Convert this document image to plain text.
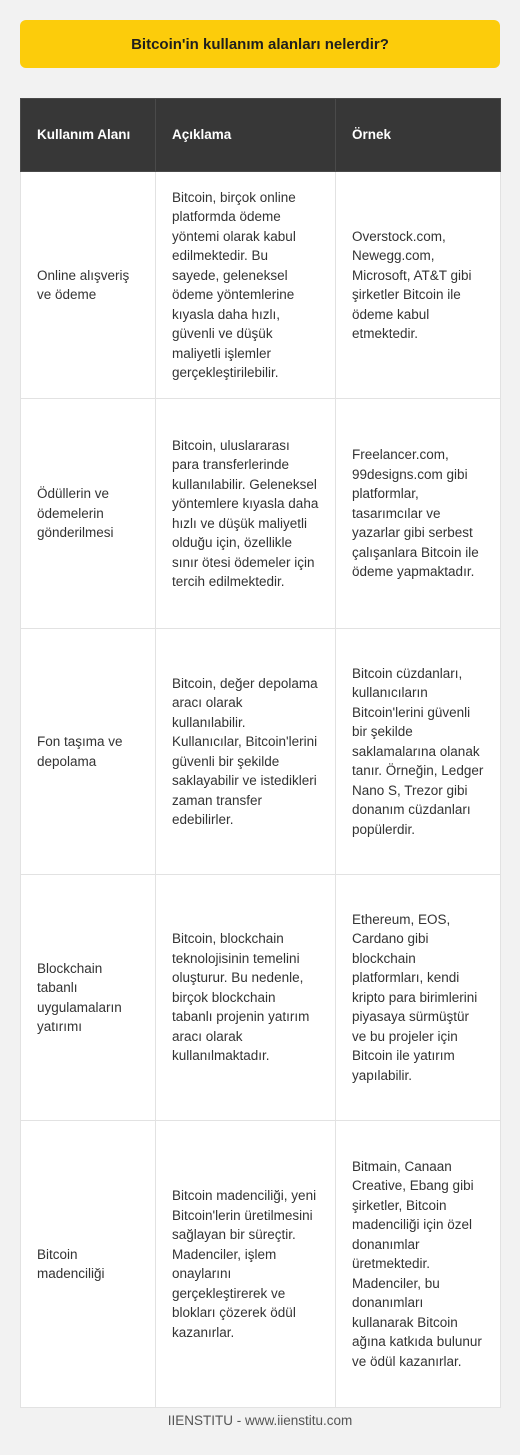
Bitcoin'in kullanım alanları nelerdir?
Kullanım Alanı	Açıklama	Örnek
Online alışveriş ve ödeme	Bitcoin, birçok online platformda ödeme yöntemi olarak kabul edilmektedir. Bu sayede, geleneksel ödeme yöntemlerine kıyasla daha hızlı, güvenli ve düşük maliyetli işlemler gerçekleştirilebilir.	Overstock.com, Newegg.com, Microsoft, AT&T gibi şirketler Bitcoin ile ödeme kabul etmektedir.
Ödüllerin ve ödemelerin gönderilmesi	Bitcoin, uluslararası para transferlerinde kullanılabilir. Geleneksel yöntemlere kıyasla daha hızlı ve düşük maliyetli olduğu için, özellikle sınır ötesi ödemeler için tercih edilmektedir.	Freelancer.com, 99designs.com gibi platformlar, tasarımcılar ve yazarlar gibi serbest çalışanlara Bitcoin ile ödeme yapmaktadır.
Fon taşıma ve depolama	Bitcoin, değer depolama aracı olarak kullanılabilir. Kullanıcılar, Bitcoin'lerini güvenli bir şekilde saklayabilir ve istedikleri zaman transfer edebilirler.	Bitcoin cüzdanları, kullanıcıların Bitcoin'lerini güvenli bir şekilde saklamalarına olanak tanır. Örneğin, Ledger Nano S, Trezor gibi donanım cüzdanları popülerdir.
Blockchain tabanlı uygulamaların yatırımı	Bitcoin, blockchain teknolojisinin temelini oluşturur. Bu nedenle, birçok blockchain tabanlı projenin yatırım aracı olarak kullanılmaktadır.	Ethereum, EOS, Cardano gibi blockchain platformları, kendi kripto para birimlerini piyasaya sürmüştür ve bu projeler için Bitcoin ile yatırım yapılabilir.
Bitcoin madenciliği	Bitcoin madenciliği, yeni Bitcoin'lerin üretilmesini sağlayan bir süreçtir. Madenciler, işlem onaylarını gerçekleştirerek ve blokları çözerek ödül kazanırlar.	Bitmain, Canaan Creative, Ebang gibi şirketler, Bitcoin madenciliği için özel donanımlar üretmektedir. Madenciler, bu donanımları kullanarak Bitcoin ağına katkıda bulunur ve ödül kazanırlar.
IIENSTITU - www.iienstitu.com
